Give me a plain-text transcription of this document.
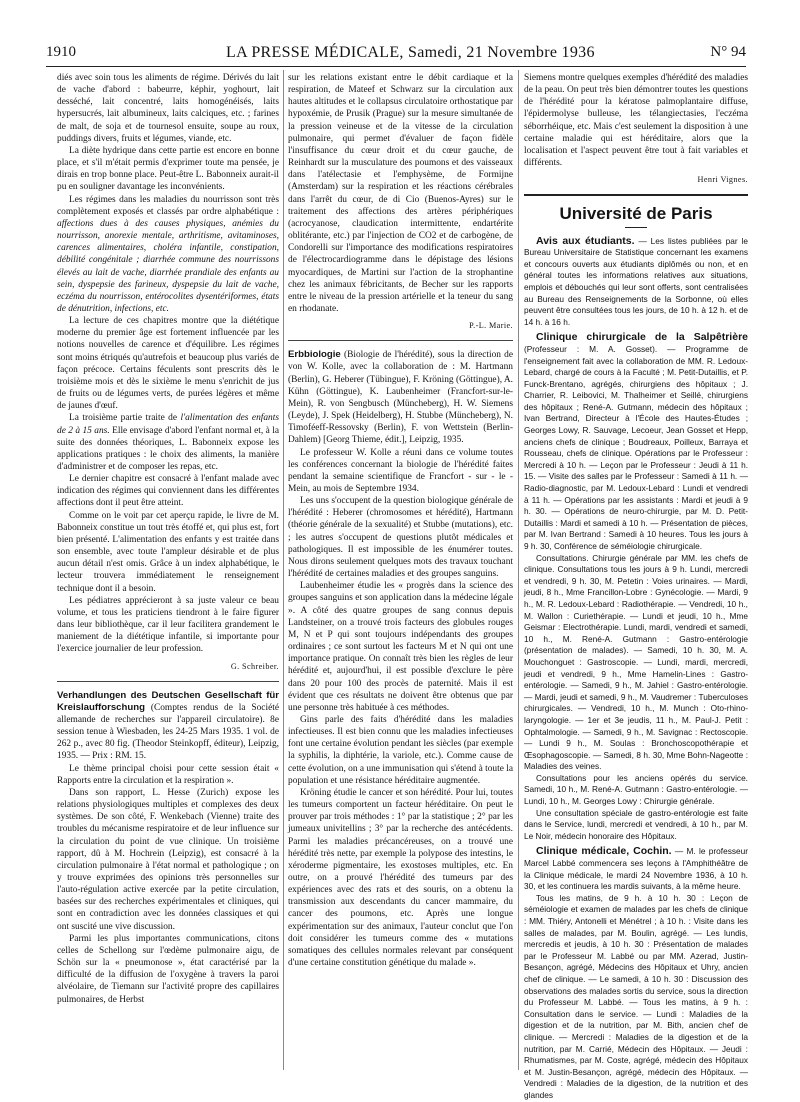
1910	LA PRESSE MÉDICALE, Samedi, 21 Novembre 1936	N° 94

diés avec soin tous les aliments de régime. Dérivés du lait de vache d'abord : babeurre, képhir, yoghourt, lait desséché, lait concentré, laits homogénéisés, laits hypersucrés, lait albumineux, laits calciques, etc. ; farines de malt, de soja et de tournesol ensuite, soupe au roux, puddings divers, fruits et légumes, viande, etc.

La diète hydrique dans cette partie est encore en bonne place, et s'il m'était permis d'exprimer toute ma pensée, je dirais en trop bonne place. Peut-être L. Babonneix aurait-il pu en souligner davantage les inconvénients.

Les régimes dans les maladies du nourrisson sont très complètement exposés et classés par ordre alphabétique : affections dues à des causes physiques, anémies du nourrisson, anorexie mentale, arthritisme, avitaminoses, carences alimentaires, choléra infantile, constipation, débilité congénitale ; diarrhée commune des nourrissons élevés au lait de vache, diarrhée prandiale des enfants au sein, dyspepsie des farineux, dyspepsie du lait de vache, eczéma du nourrisson, entérocolites dysentériformes, états de dénutrition, infections, etc.

La lecture de ces chapitres montre que la diététique moderne du premier âge est fortement influencée par les notions nouvelles de carence et d'équilibre. Les régimes sont moins étriqués qu'autrefois et beaucoup plus variés de façon précoce. Certains féculents sont prescrits dès le troisième mois et dès le sixième le menu s'enrichit de jus de fruits ou de légumes verts, de purées légères et même de jaunes d'œuf.

La troisième partie traite de l'alimentation des enfants de 2 à 15 ans. Elle envisage d'abord l'enfant normal et, à la suite des données théoriques, L. Babonneix expose les applications pratiques : le choix des aliments, la manière d'administrer et de composer les repas, etc.

Le dernier chapitre est consacré à l'enfant malade avec indication des régimes qui conviennent dans les différentes affections dont il peut être atteint.

Comme on le voit par cet aperçu rapide, le livre de M. Babonneix constitue un tout très étoffé et, qui plus est, fort bien présenté. L'alimentation des enfants y est traitée dans son ensemble, avec toute l'ampleur désirable et de plus aucun détail n'est omis. Grâce à un index alphabétique, le lecteur trouvera immédiatement le renseignement technique dont il a besoin.

Les pédiatres apprécieront à sa juste valeur ce beau volume, et tous les praticiens tiendront à le faire figurer dans leur bibliothèque, car il leur facilitera grandement le maniement de la diététique infantile, si importante pour l'exercice journalier de leur profession.

G. Schreiber.

Verhandlungen des Deutschen Gesellschaft für Kreislaufforschung (Comptes rendus de la Société allemande de recherches sur l'appareil circulatoire). 8e session tenue à Wiesbaden, les 24-25 Mars 1935. 1 vol. de 262 p., avec 80 fig. (Theodor Steinkopff, éditeur), Leipzig, 1935. — Prix : RM. 15.

Le thème principal choisi pour cette session était « Rapports entre la circulation et la respiration ».

Dans son rapport, L. Hesse (Zurich) expose les relations physiologiques multiples et complexes des deux systèmes. De son côté, F. Wenkebach (Vienne) traite des troubles du mécanisme respiratoire et de leur influence sur la circulation du point de vue clinique. Un troisième rapport, dû à M. Hochrein (Leipzig), est consacré à la circulation pulmonaire à l'état normal et pathologique ; on y trouve exprimées des opinions très personnelles sur l'auto-régulation active exercée par la petite circulation, basées sur des recherches expérimentales et cliniques, qui sont en contradiction avec les données classiques et qui ont suscité une vive discussion.

Parmi les plus importantes communications, citons celles de Schellong sur l'œdème pulmonaire aigu, de Schön sur la « pneumonose », état caractérisé par la difficulté de la diffusion de l'oxygène à travers la paroi alvéolaire, de Tiemann sur l'activité propre des capillaires pulmonaires, de Herbst

sur les relations existant entre le débit cardiaque et la respiration, de Mateef et Schwarz sur la circulation aux hautes altitudes et le collapsus circulatoire orthostatique par hypoxémie, de Prusik (Prague) sur la mesure simultanée de la pression veineuse et de la vitesse de la circulation pulmonaire, qui permet d'évaluer de façon fidèle l'insuffisance du cœur droit et du cœur gauche, de Reinhardt sur la musculature des poumons et des vaisseaux dans l'atélectasie et l'emphysème, de Formijne (Amsterdam) sur la respiration et les réactions cérébrales dans l'arrêt du cœur, de di Cio (Buenos-Ayres) sur le traitement des affections des artères périphériques (acrocyanose, claudication intermittente, endartérite oblitérante, etc.) par l'injection de CO2 et de carbogène, de Condorelli sur l'importance des modifications respiratoires de l'électrocardiogramme dans le dépistage des lésions myocardiques, de Martini sur l'action de la strophantine chez les animaux fébricitants, de Becher sur les rapports entre le niveau de la pression artérielle et la teneur du sang en rhodanate.

P.-L. Marie.

Erbbiologie (Biologie de l'hérédité), sous la direction de von W. Kolle, avec la collaboration de : M. Hartmann (Berlin), G. Heberer (Tübingue), F. Kröning (Göttingue), A. Kühn (Göttingue), K. Laubenheimer (Francfort-sur-le-Mein), R. von Sengbusch (Müncheberg), H. W. Siemens (Leyde), J. Spek (Heidelberg), H. Stubbe (Müncheberg), N. Timoféeff-Ressovsky (Berlin), F. von Wettstein (Berlin-Dahlem) [Georg Thieme, édit.], Leipzig, 1935.

Le professeur W. Kolle a réuni dans ce volume toutes les conférences concernant la biologie de l'hérédité faites pendant la semaine scientifique de Francfort - sur - le - Mein, au mois de Septembre 1934.

Les uns s'occupent de la question biologique générale de l'hérédité : Heberer (chromosomes et hérédité), Hartmann (théorie générale de la sexualité) et Stubbe (mutations), etc. ; les autres s'occupent de questions plutôt médicales et pathologiques. Il est impossible de les énumérer toutes. Nous dirons seulement quelques mots des travaux touchant l'hérédité de certaines maladies et des groupes sanguins.

Laubenheimer étudie les « progrès dans la science des groupes sanguins et son application dans la médecine légale ». A côté des quatre groupes de sang connus depuis Landsteiner, on a trouvé trois facteurs des globules rouges M, N et P qui sont toujours indépendants des groupes ordinaires ; ce sont surtout les facteurs M et N qui ont une importance pratique. On connaît très bien les règles de leur hérédité et, aujourd'hui, il est possible d'exclure le père dans 20 pour 100 des procès de paternité. Mais il est évident que ces résultats ne doivent être obtenus que par une personne très habituée à ces méthodes.

Gins parle des faits d'hérédité dans les maladies infectieuses. Il est bien connu que les maladies infectieuses font une certaine évolution pendant les siècles (par exemple la syphilis, la diphtérie, la variole, etc.). Comme cause de cette évolution, on a une immunisation qui s'étend à toute la population et une résistance héréditaire augmentée.

Kröning étudie le cancer et son hérédité. Pour lui, toutes les tumeurs comportent un facteur héréditaire. On peut le prouver par trois méthodes : 1° par la statistique ; 2° par les jumeaux univitellins ; 3° par la recherche des antécédents. Parmi les maladies précancéreuses, on a trouvé une hérédité très nette, par exemple la polypose des intestins, le xéroderme pigmentaire, les exostoses multiples, etc. En outre, on a prouvé l'hérédité des tumeurs par des expériences avec des rats et des souris, on a obtenu la transmission aux descendants du cancer mammaire, du cancer des poumons, etc. Après une longue expérimentation sur des animaux, l'auteur conclut que l'on doit considérer les tumeurs comme des « mutations somatiques des cellules normales relevant par conséquent d'une certaine constitution génétique du malade ».

Siemens montre quelques exemples d'hérédité des maladies de la peau. On peut très bien démontrer toutes les questions de l'hérédité pour la kératose palmoplantaire diffuse, l'épidermolyse bulleuse, les télangiectasies, l'eczéma séborrhéique, etc. Mais c'est seulement la disposition à une certaine maladie qui est héréditaire, alors que la localisation et l'aspect peuvent être tout à fait variables et différents.

Henri Vignes.

Université de Paris

Avis aux étudiants. — Les listes publiées par le Bureau Universitaire de Statistique concernant les examens et concours ouverts aux étudiants diplômés ou non, et en général toutes les informations relatives aux situations, emplois et débouchés qui leur sont offerts, sont centralisées au Bureau des Renseignements de la Sorbonne, où elles peuvent être consultées tous les jours, de 10 h. à 12 h. et de 14 h. à 16 h.

Clinique chirurgicale de la Salpêtrière (Professeur : M. A. Gosset). — Programme de l'enseignement fait avec la collaboration de MM. R. Ledoux-Lebard, chargé de cours à la Faculté ; M. Petit-Dutaillis, et P. Funck-Brentano, agrégés, chirurgiens des hôpitaux ; J. Charrier, R. Leibovici, M. Thalheimer et Seillé, chirurgiens des hôpitaux ; René-A. Gutmann, médecin des hôpitaux ; Ivan Bertrand, Directeur à l'École des Hautes-Études ; Georges Lowy, R. Sauvage, Lecoeur, Jean Gosset et Hepp, anciens chefs de clinique ; Boudreaux, Poilleux, Barraya et Rousseau, chefs de clinique. Opérations par le Professeur : Mercredi à 10 h. — Leçon par le Professeur : Jeudi à 11 h. 15. — Visite des salles par le Professeur : Samedi à 11 h. — Radio-diagnostic, par M. Ledoux-Lebard : Lundi et vendredi à 11 h. — Opérations par les assistants : Mardi et jeudi à 9 h. 30. — Opérations de neuro-chirurgie, par M. D. Petit-Dutaillis : Mardi et samedi à 10 h. — Présentation de pièces, par M. Ivan Bertrand : Samedi à 10 heures. Tous les jours à 9 h. 30, Conférence de séméiologie chirurgicale.

Consultations. Chirurgie générale par MM. les chefs de clinique. Consultations tous les jours à 9 h. Lundi, mercredi et vendredi, 9 h. 30, M. Petetin : Voies urinaires. — Mardi, jeudi, 8 h., Mme Francillon-Lobre : Gynécologie. — Mardi, 9 h., M. R. Ledoux-Lebard : Radiothérapie. — Vendredi, 10 h., M. Wallon : Curiethérapie. — Lundi et jeudi, 10 h., Mme Geismar : Electrothérapie. Lundi, mardi, vendredi et samedi, 10 h., M. René-A. Gutmann : Gastro-entérologie (présentation de malades). — Samedi, 10 h. 30, M. A. Mouchonguet : Gastroscopie. — Lundi, mardi, mercredi, jeudi et vendredi, 9 h., Mme Hamelin-Lines : Gastro-entérologie. — Samedi, 9 h., M. Jahiel : Gastro-entérologie. — Mardi, jeudi et samedi, 9 h., M. Vaudremer : Tuberculoses chirurgicales. — Vendredi, 10 h., M. Munch : Oto-rhino-laryngologie. — 1er et 3e jeudis, 11 h., M. Paul-J. Petit : Ophtalmologie. — Samedi, 9 h., M. Savignac : Rectoscopie. — Lundi 9 h., M. Soulas : Bronchoscopothérapie et Œsophagoscopie. — Samedi, 8 h. 30, Mme Bohn-Nageotte : Maladies des veines.

Consultations pour les anciens opérés du service. Samedi, 10 h., M. René-A. Gutmann : Gastro-entérologie. — Lundi, 10 h., M. Georges Lowy : Chirurgie générale.

Une consultation spéciale de gastro-entérologie est faite dans le Service, lundi, mercredi et vendredi, à 10 h., par M. Le Noir, médecin honoraire des Hôpitaux.

Clinique médicale, Cochin. — M. le professeur Marcel Labbé commencera ses leçons à l'Amphithéâtre de la Clinique médicale, le mardi 24 Novembre 1936, à 10 h. 30, et les continuera les mardis suivants, à la même heure.

Tous les matins, de 9 h. à 10 h. 30 : Leçon de séméiologie et examen de malades par les chefs de clinique : MM. Thiéry, Antonelli et Ménétrel ; à 10 h. : Visite dans les salles de malades, par M. Boulin, agrégé. — Les lundis, mercredis et jeudis, à 10 h. 30 : Présentation de malades par le Professeur M. Labbé ou par MM. Azerad, Justin-Besançon, agrégé, Médecins des Hôpitaux et Uhry, ancien chef de clinique. — Le samedi, à 10 h. 30 : Discussion des observations des malades sortis du service, sous la direction du Professeur M. Labbé. — Tous les matins, à 9 h. : Consultation dans le service. — Lundi : Maladies de la digestion et de la nutrition, par M. Bith, ancien chef de clinique. — Mercredi : Maladies de la digestion et de la nutrition, par M. Carrié, Médecin des Hôpitaux. — Jeudi : Rhumatismes, par M. Coste, agrégé, médecin des Hôpitaux et M. Justin-Besançon, agrégé, médecin des Hôpitaux. — Vendredi : Maladies de la digestion, de la nutrition et des glandes
